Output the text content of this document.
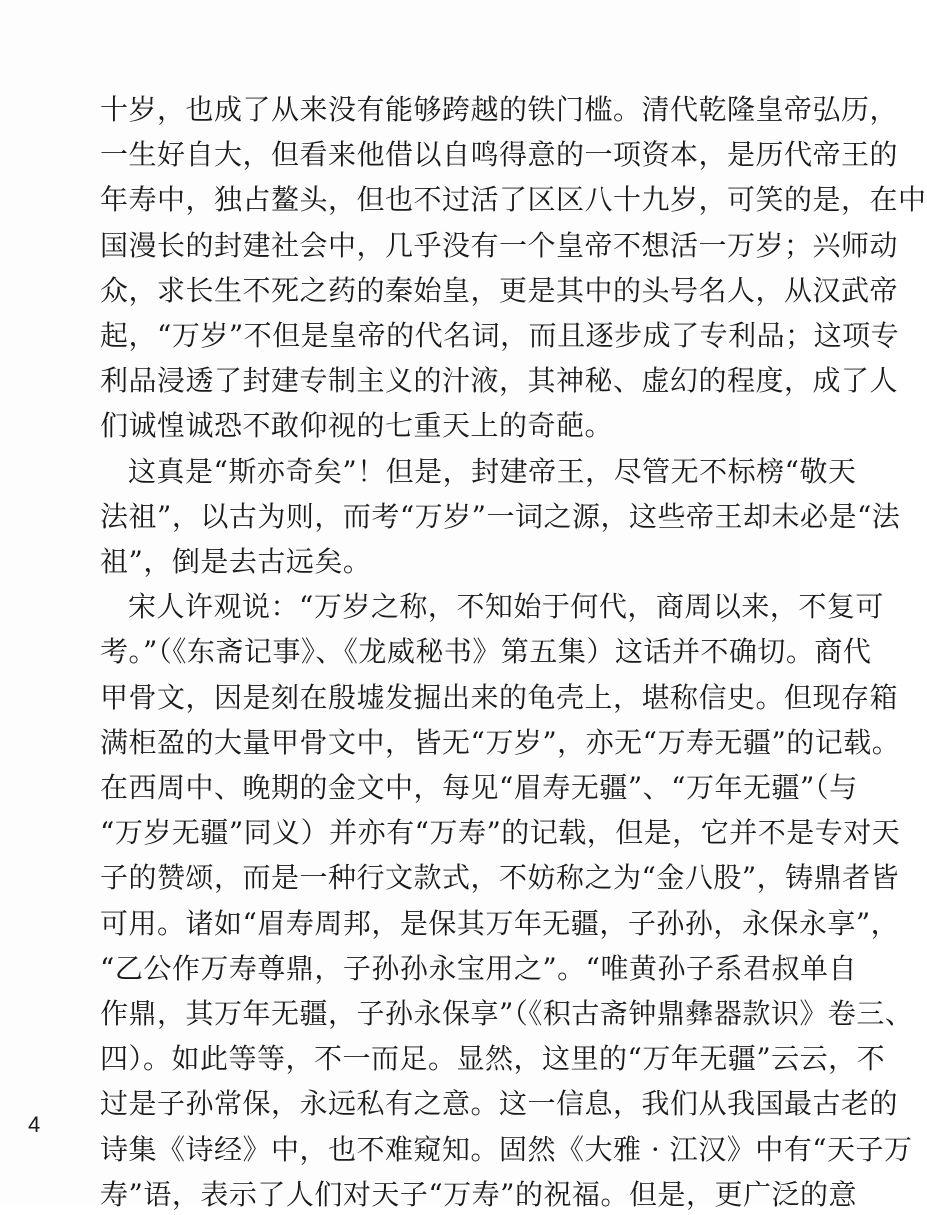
十岁，也成了从来没有能够跨越的铁门槛。清代乾隆皇帝弘历，
一生好自大，但看来他借以自鸣得意的一项资本，是历代帝王的
年寿中，独占鳌头，但也不过活了区区八十九岁，可笑的是，在中
国漫长的封建社会中，几乎没有一个皇帝不想活一万岁；兴师动
众，求长生不死之药的秦始皇，更是其中的头号名人，从汉武帝
起，“万岁”不但是皇帝的代名词，而且逐步成了专利品；这项专
利品浸透了封建专制主义的汁液，其神秘、虚幻的程度，成了人
们诚惶诚恐不敢仰视的七重天上的奇葩。
这真是“斯亦奇矣”！但是，封建帝王，尽管无不标榜“敬天
法祖”，以古为则，而考“万岁”一词之源，这些帝王却未必是“法
祖”，倒是去古远矣。
宋人许观说：“万岁之称，不知始于何代，商周以来，不复可
考。”（《东斋记事》、《龙威秘书》第五集）这话并不确切。商代
甲骨文，因是刻在殷墟发掘出来的龟壳上，堪称信史。但现存箱
满柜盈的大量甲骨文中，皆无“万岁”，亦无“万寿无疆”的记载。
在西周中、晚期的金文中，每见“眉寿无疆”、“万年无疆”（与
“万岁无疆”同义）并亦有“万寿”的记载，但是，它并不是专对天
子的赞颂，而是一种行文款式，不妨称之为“金八股”，铸鼎者皆
可用。诸如“眉寿周邦，是保其万年无疆，子孙孙，永保永享”，
“乙公作万寿尊鼎，子孙孙永宝用之”。“唯黄孙子系君叔单自
作鼎，其万年无疆，子孙永保享”（《积古斋钟鼎彝器款识》卷三、
四）。如此等等，不一而足。显然，这里的“万年无疆”云云，不
过是子孙常保，永远私有之意。这一信息，我们从我国最古老的
诗集《诗经》中，也不难窥知。固然《大雅 · 江汉》中有“天子万
4
寿”语，表示了人们对天子“万寿”的祝福。但是，更广泛的意
